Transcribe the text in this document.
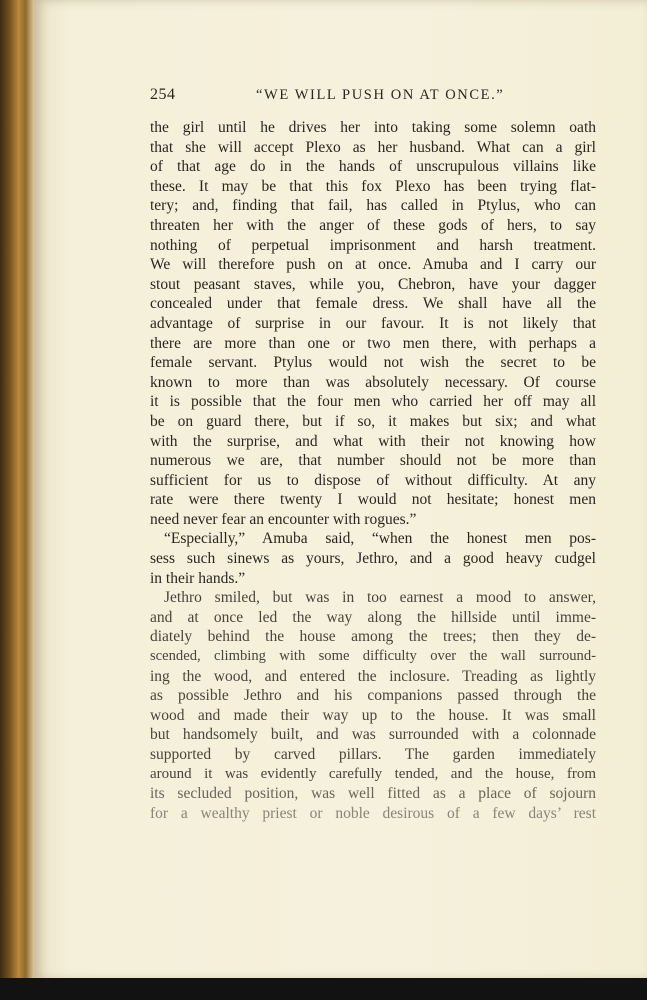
254	“WE WILL PUSH ON AT ONCE.”
the girl until he drives her into taking some solemn oath
that she will accept Plexo as her husband. What can a girl
of that age do in the hands of unscrupulous villains like
these. It may be that this fox Plexo has been trying flat-
tery; and, finding that fail, has called in Ptylus, who can
threaten her with the anger of these gods of hers, to say
nothing of perpetual imprisonment and harsh treatment.
We will therefore push on at once. Amuba and I carry our
stout peasant staves, while you, Chebron, have your dagger
concealed under that female dress. We shall have all the
advantage of surprise in our favour. It is not likely that
there are more than one or two men there, with perhaps a
female servant. Ptylus would not wish the secret to be
known to more than was absolutely necessary. Of course
it is possible that the four men who carried her off may all
be on guard there, but if so, it makes but six; and what
with the surprise, and what with their not knowing how
numerous we are, that number should not be more than
sufficient for us to dispose of without difficulty. At any
rate were there twenty I would not hesitate; honest men
need never fear an encounter with rogues.”
“Especially,” Amuba said, “when the honest men pos-
sess such sinews as yours, Jethro, and a good heavy cudgel
in their hands.”
Jethro smiled, but was in too earnest a mood to answer,
and at once led the way along the hillside until imme-
diately behind the house among the trees; then they de-
scended, climbing with some difficulty over the wall surround-
ing the wood, and entered the inclosure. Treading as lightly
as possible Jethro and his companions passed through the
wood and made their way up to the house. It was small
but handsomely built, and was surrounded with a colonnade
supported by carved pillars. The garden immediately
around it was evidently carefully tended, and the house, from
its secluded position, was well fitted as a place of sojourn
for a wealthy priest or noble desirous of a few days’ rest
